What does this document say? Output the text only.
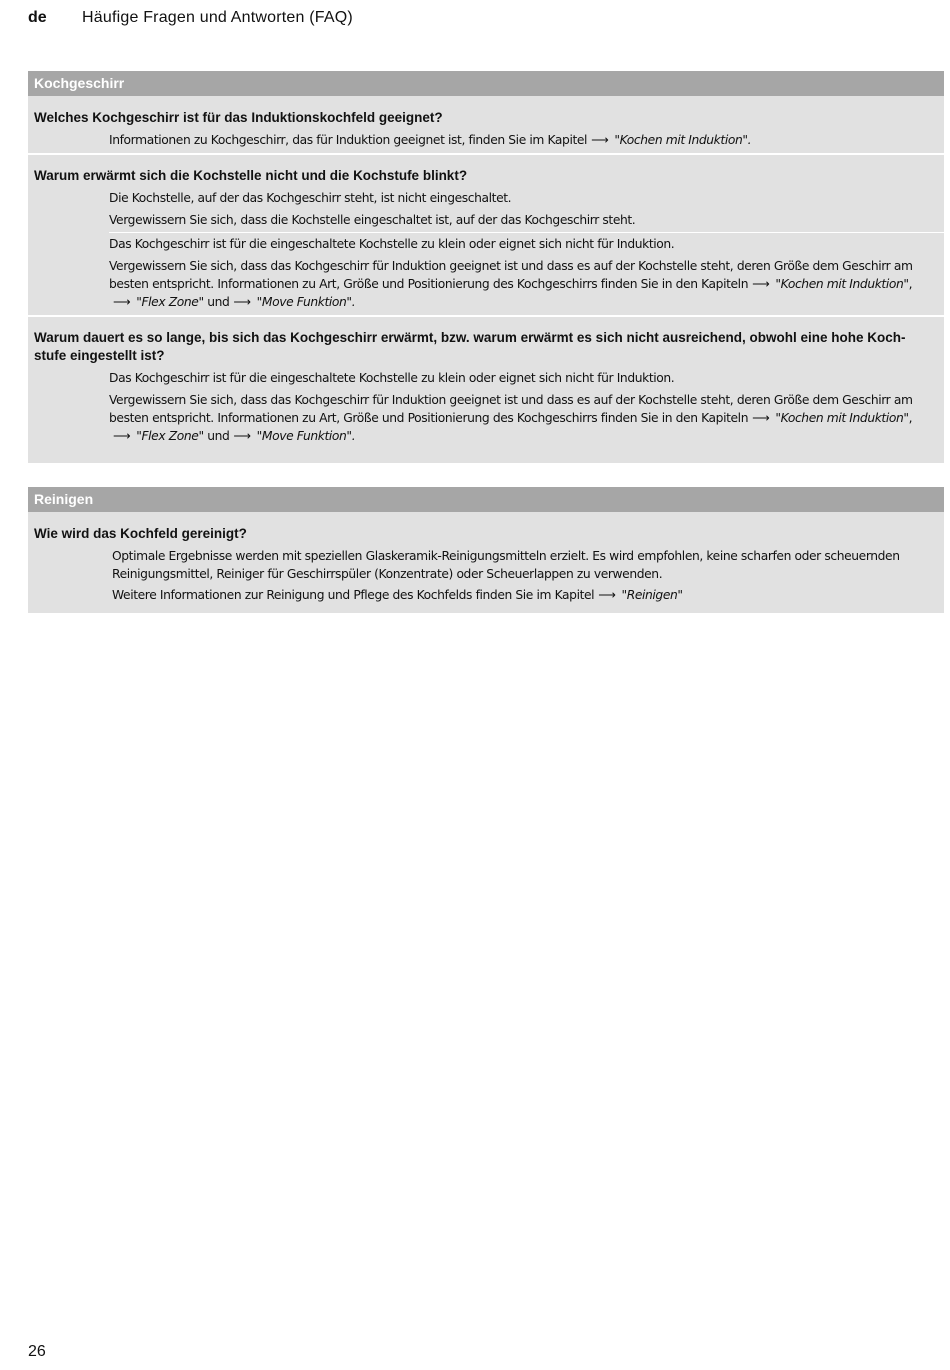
de Häufige Fragen und Antworten (FAQ)
Kochgeschirr
Welches Kochgeschirr ist für das Induktionskochfeld geeignet?
Informationen zu Kochgeschirr, das für Induktion geeignet ist, finden Sie im Kapitel ⟶ "Kochen mit Induktion".
Warum erwärmt sich die Kochstelle nicht und die Kochstufe blinkt?
Die Kochstelle, auf der das Kochgeschirr steht, ist nicht eingeschaltet.
Vergewissern Sie sich, dass die Kochstelle eingeschaltet ist, auf der das Kochgeschirr steht.
Das Kochgeschirr ist für die eingeschaltete Kochstelle zu klein oder eignet sich nicht für Induktion.
Vergewissern Sie sich, dass das Kochgeschirr für Induktion geeignet ist und dass es auf der Kochstelle steht, deren Größe dem Geschirr am besten entspricht. Informationen zu Art, Größe und Positionierung des Kochgeschirrs finden Sie in den Kapiteln ⟶ "Kochen mit Induktion",⟶ "Flex Zone" und ⟶ "Move Funktion".
Warum dauert es so lange, bis sich das Kochgeschirr erwärmt, bzw. warum erwärmt es sich nicht ausreichend, obwohl eine hohe Koch-stufe eingestellt ist?
Das Kochgeschirr ist für die eingeschaltete Kochstelle zu klein oder eignet sich nicht für Induktion.
Vergewissern Sie sich, dass das Kochgeschirr für Induktion geeignet ist und dass es auf der Kochstelle steht, deren Größe dem Geschirr am besten entspricht. Informationen zu Art, Größe und Positionierung des Kochgeschirrs finden Sie in den Kapiteln ⟶ "Kochen mit Induktion",⟶ "Flex Zone" und ⟶ "Move Funktion".
Reinigen
Wie wird das Kochfeld gereinigt?
Optimale Ergebnisse werden mit speziellen Glaskeramik-Reinigungsmitteln erzielt. Es wird empfohlen, keine scharfen oder scheuernden Reinigungsmittel, Reiniger für Geschirrspüler (Konzentrate) oder Scheuerlappen zu verwenden.
Weitere Informationen zur Reinigung und Pflege des Kochfelds finden Sie im Kapitel ⟶ "Reinigen"
26
